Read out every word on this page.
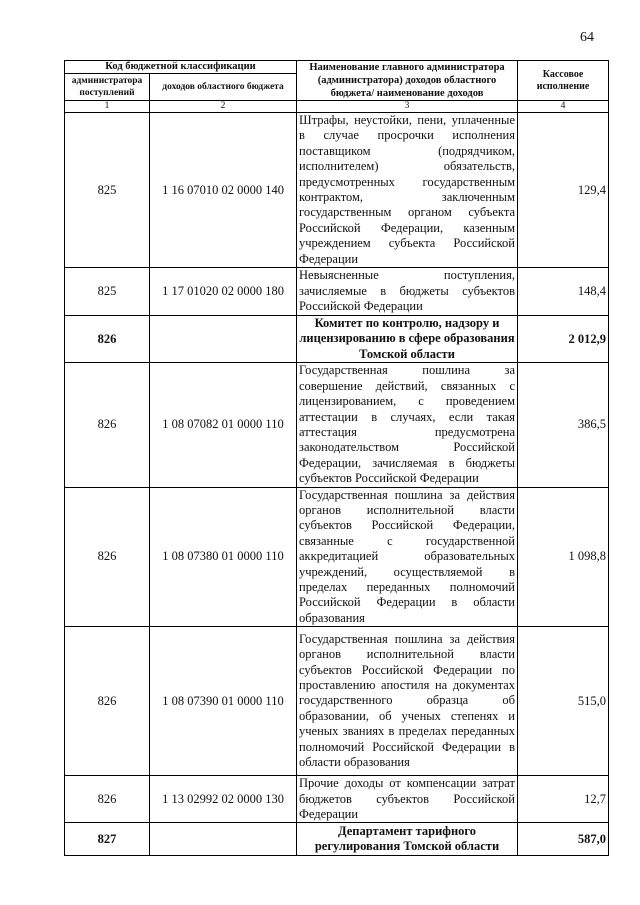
64
Код бюджетной классификации		Наименование главного администратора (администратора) доходов областного бюджета/ наименование доходов	Кассовое исполнение
администратора поступлений	доходов областного бюджета		
1	2	3	4
825	1 16 07010 02 0000 140	Штрафы, неустойки, пени, уплаченные в случае просрочки исполнения поставщиком (подрядчиком, исполнителем) обязательств, предусмотренных государственным контрактом, заключенным государственным органом субъекта Российской Федерации, казенным учреждением субъекта Российской Федерации	129,4
825	1 17 01020 02 0000 180	Невыясненные поступления, зачисляемые в бюджеты субъектов Российской Федерации	148,4
826		Комитет по контролю, надзору и лицензированию в сфере образования Томской области	2 012,9
826	1 08 07082 01 0000 110	Государственная пошлина за совершение действий, связанных с лицензированием, с проведением аттестации в случаях, если такая аттестация предусмотрена законодательством Российской Федерации, зачисляемая в бюджеты субъектов Российской Федерации	386,5
826	1 08 07380 01 0000 110	Государственная пошлина за действия органов исполнительной власти субъектов Российской Федерации, связанные с государственной аккредитацией образовательных учреждений, осуществляемой в пределах переданных полномочий Российской Федерации в области образования	1 098,8
826	1 08 07390 01 0000 110	Государственная пошлина за действия органов исполнительной власти субъектов Российской Федерации по проставлению апостиля на документах государственного образца об образовании, об ученых степенях и ученых званиях в пределах переданных полномочий Российской Федерации в области образования	515,0
826	1 13 02992 02 0000 130	Прочие доходы от компенсации затрат бюджетов субъектов Российской Федерации	12,7
827		Департамент тарифного регулирования Томской области	587,0
